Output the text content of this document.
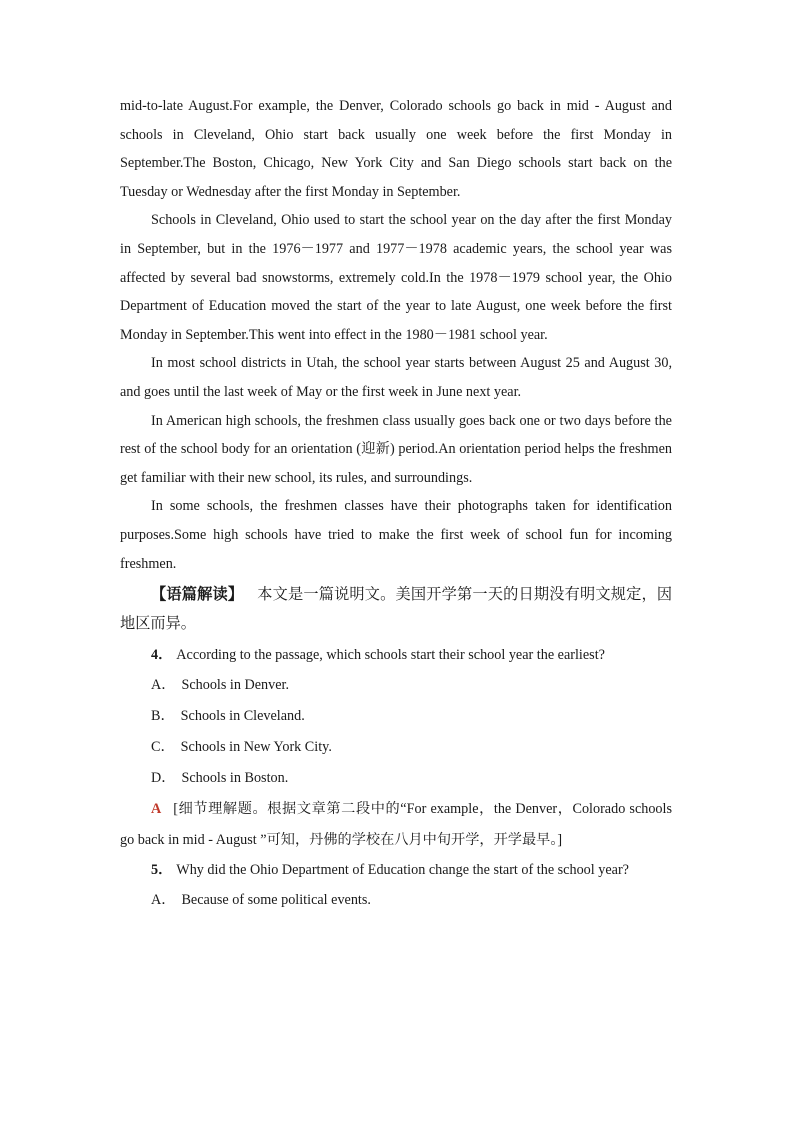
mid-to-late August.For example, the Denver, Colorado schools go back in mid - August and schools in Cleveland, Ohio start back usually one week before the first Monday in September.The Boston, Chicago, New York City and San Diego schools start back on the Tuesday or Wednesday after the first Monday in September.

Schools in Cleveland, Ohio used to start the school year on the day after the first Monday in September, but in the 1976－1977 and 1977－1978 academic years, the school year was affected by several bad snowstorms, extremely cold.In the 1978－1979 school year, the Ohio Department of Education moved the start of the year to late August, one week before the first Monday in September.This went into effect in the 1980－1981 school year.

In most school districts in Utah, the school year starts between August 25 and August 30, and goes until the last week of May or the first week in June next year.

In American high schools, the freshmen class usually goes back one or two days before the rest of the school body for an orientation (迎新) period.An orientation period helps the freshmen get familiar with their new school, its rules, and surroundings.

In some schools, the freshmen classes have their photographs taken for identification purposes.Some high schools have tried to make the first week of school fun for incoming freshmen.

【语篇解读】 本文是一篇说明文。美国开学第一天的日期没有明文规定，因地区而异。

4． According to the passage, which schools start their school year the earliest?

A． Schools in Denver.

B． Schools in Cleveland.

C． Schools in New York City.

D． Schools in Boston.

A [细节理解题。根据文章第二段中的“For example，the Denver，Colorado schools go back in mid - August ”可知，丹佛的学校在八月中旬开学，开学最早。]

5． Why did the Ohio Department of Education change the start of the school year?

A． Because of some political events.
